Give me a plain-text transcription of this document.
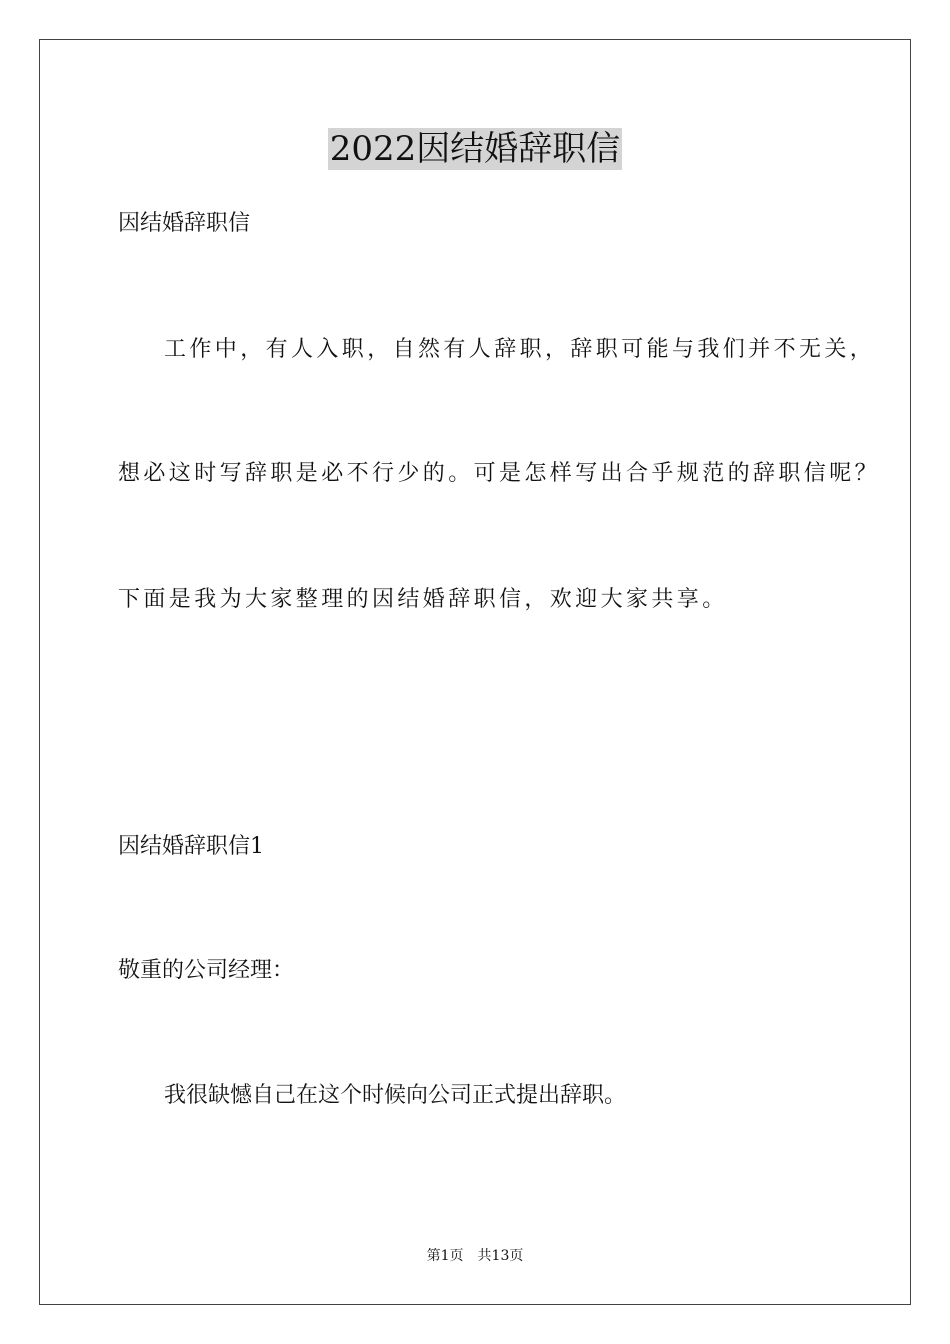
2022因结婚辞职信
因结婚辞职信
工作中，有人入职，自然有人辞职，辞职可能与我们并不无关，
想必这时写辞职是必不行少的。可是怎样写出合乎规范的辞职信呢？
下面是我为大家整理的因结婚辞职信，欢迎大家共享。
因结婚辞职信1
敬重的公司经理：
我很缺憾自己在这个时候向公司正式提出辞职。
第1页 共13页
